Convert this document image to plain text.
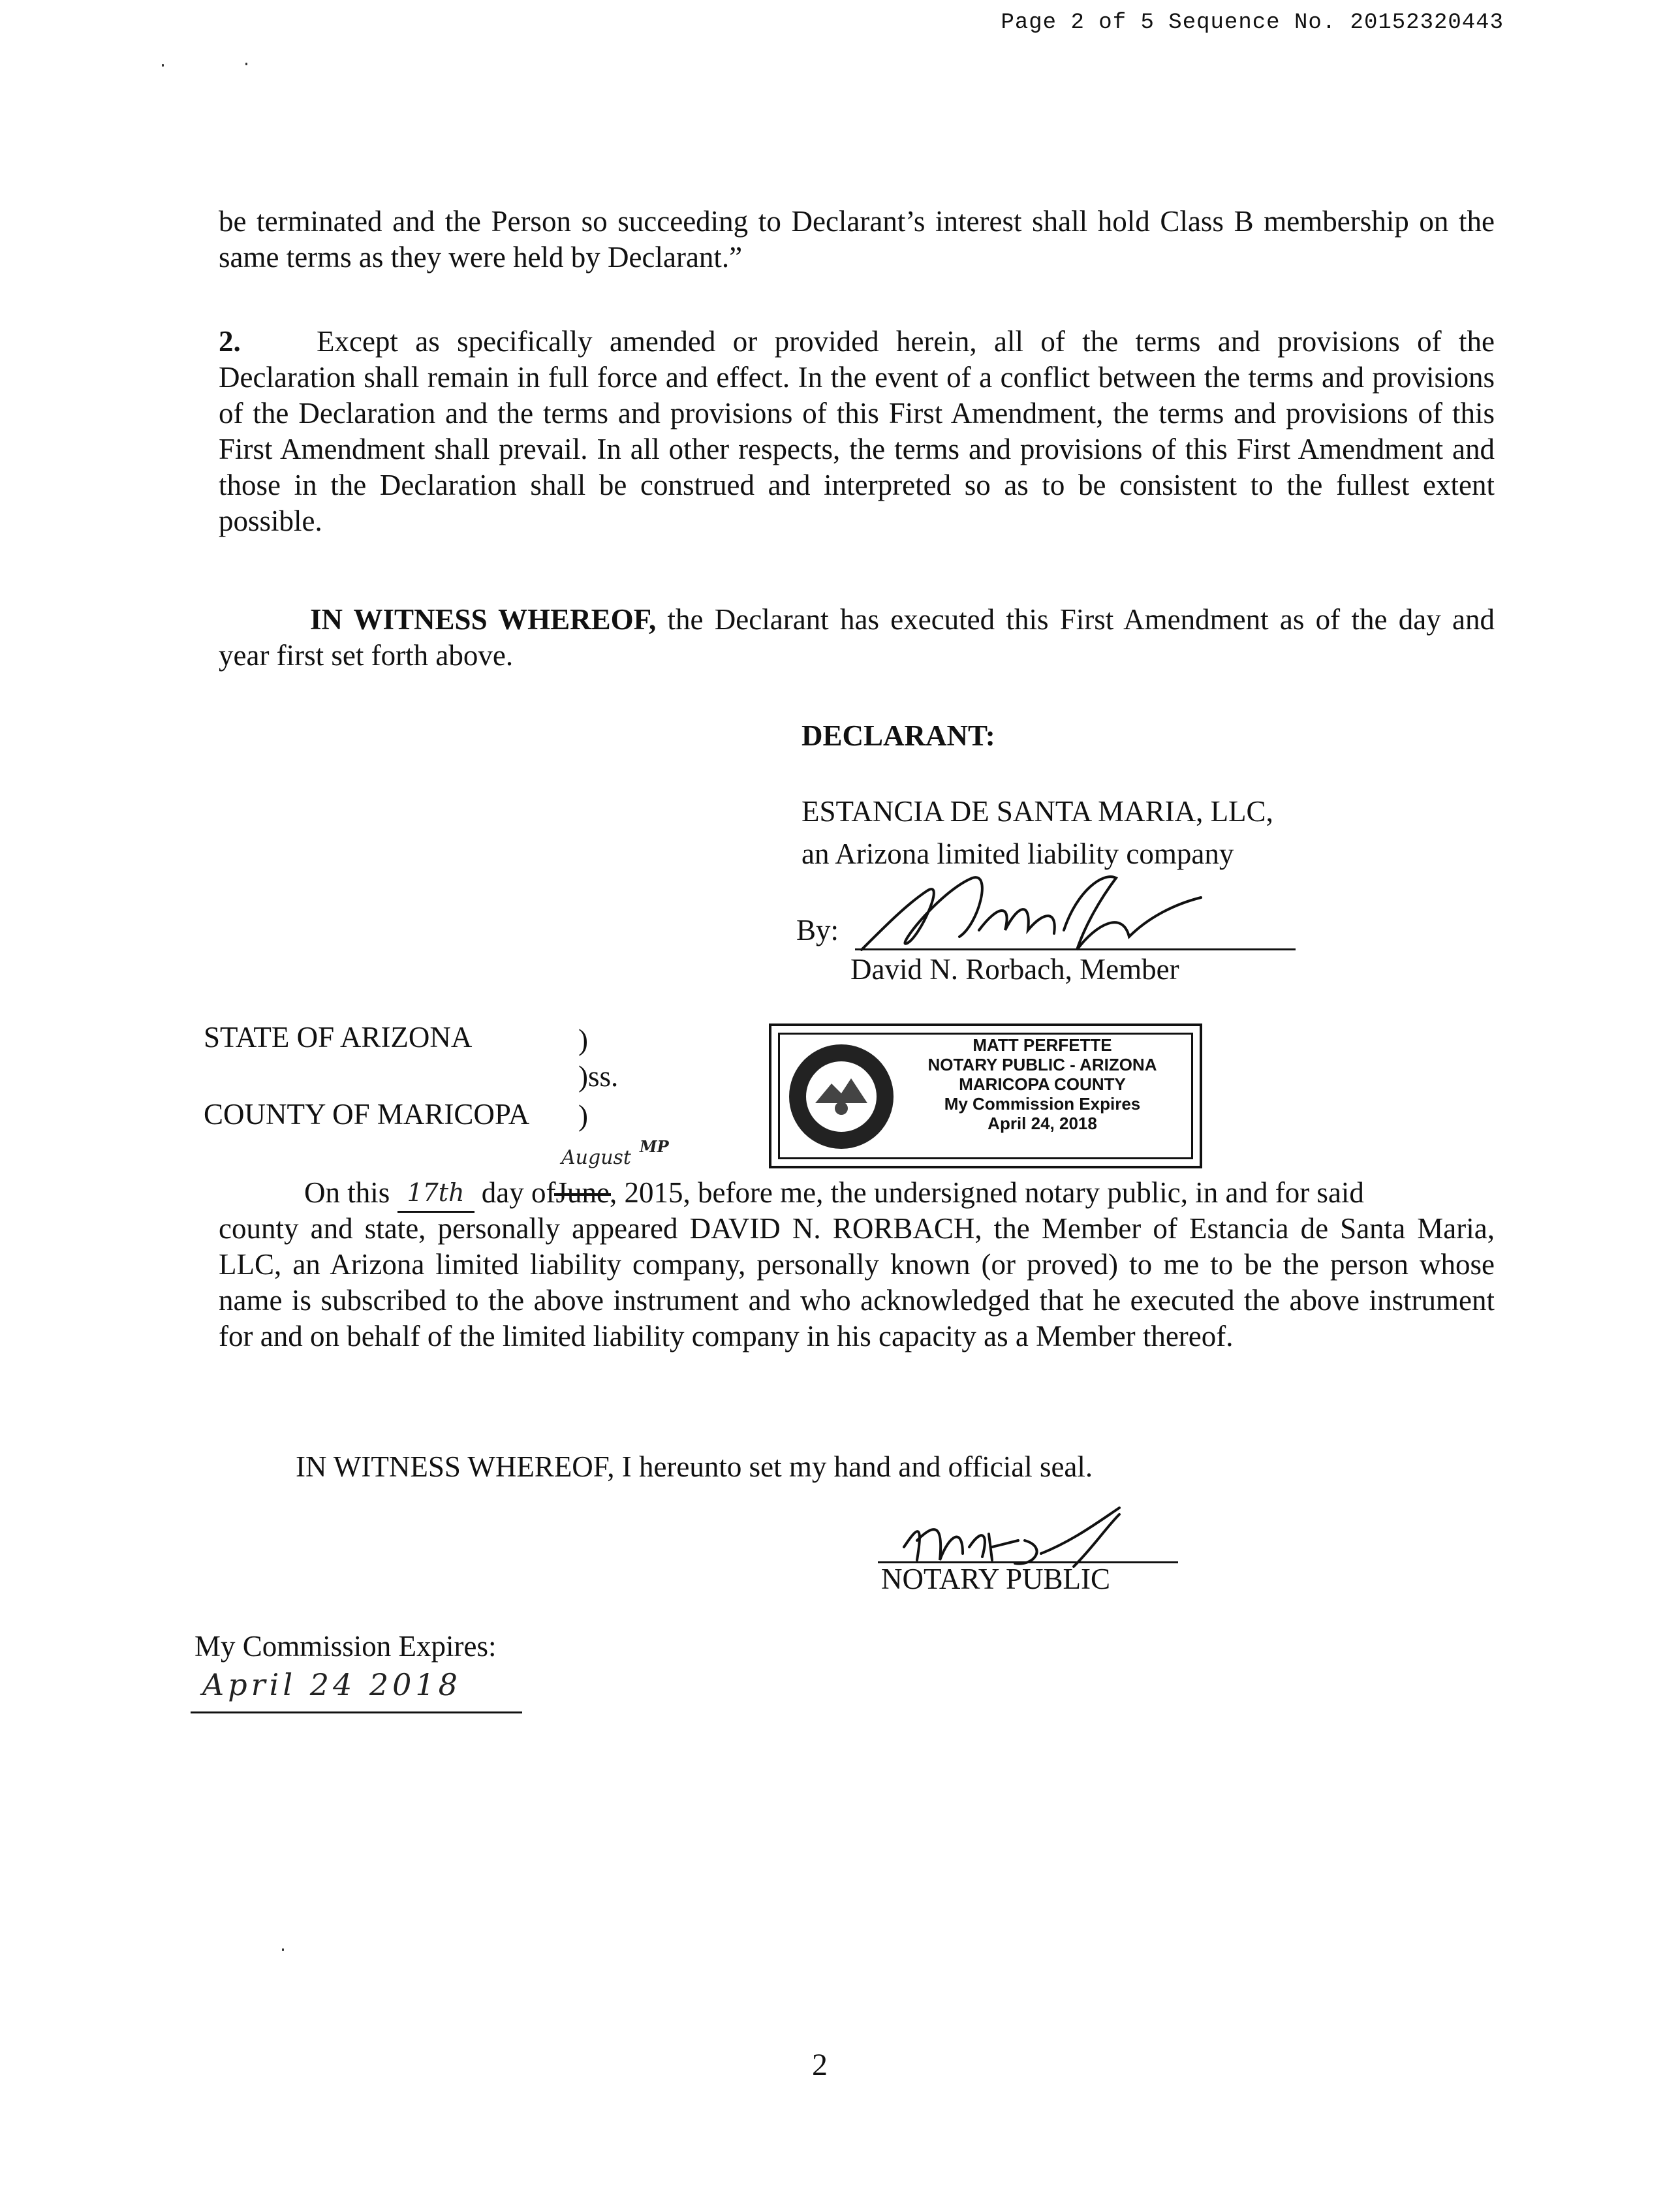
Page 2 of 5 Sequence No. 20152320443

be terminated and the Person so succeeding to Declarant’s interest shall hold Class B membership on the same terms as they were held by Declarant.”

2.	Except as specifically amended or provided herein, all of the terms and provisions of the Declaration shall remain in full force and effect. In the event of a conflict between the terms and provisions of the Declaration and the terms and provisions of this First Amendment, the terms and provisions of this First Amendment shall prevail. In all other respects, the terms and provisions of this First Amendment and those in the Declaration shall be construed and interpreted so as to be consistent to the fullest extent possible.

IN WITNESS WHEREOF, the Declarant has executed this First Amendment as of the day and year first set forth above.

DECLARANT:
ESTANCIA DE SANTA MARIA, LLC,
an Arizona limited liability company
By:
David N. Rorbach, Member
STATE OF ARIZONA	)
)ss.
COUNTY OF MARICOPA )
MATT PERFETTE
NOTARY PUBLIC - ARIZONA
MARICOPA COUNTY
My Commission Expires
April 24, 2018
August MP
On this 17th day ofJune, 2015, before me, the undersigned notary public, in and for said

county and state, personally appeared DAVID N. RORBACH, the Member of Estancia de Santa Maria, LLC, an Arizona limited liability company, personally known (or proved) to me to be the person whose name is subscribed to the above instrument and who acknowledged that he executed the above instrument for and on behalf of the limited liability company in his capacity as a Member thereof.

IN WITNESS WHEREOF, I hereunto set my hand and official seal.
NOTARY PUBLIC
My Commission Expires:
April 24 2018
2
